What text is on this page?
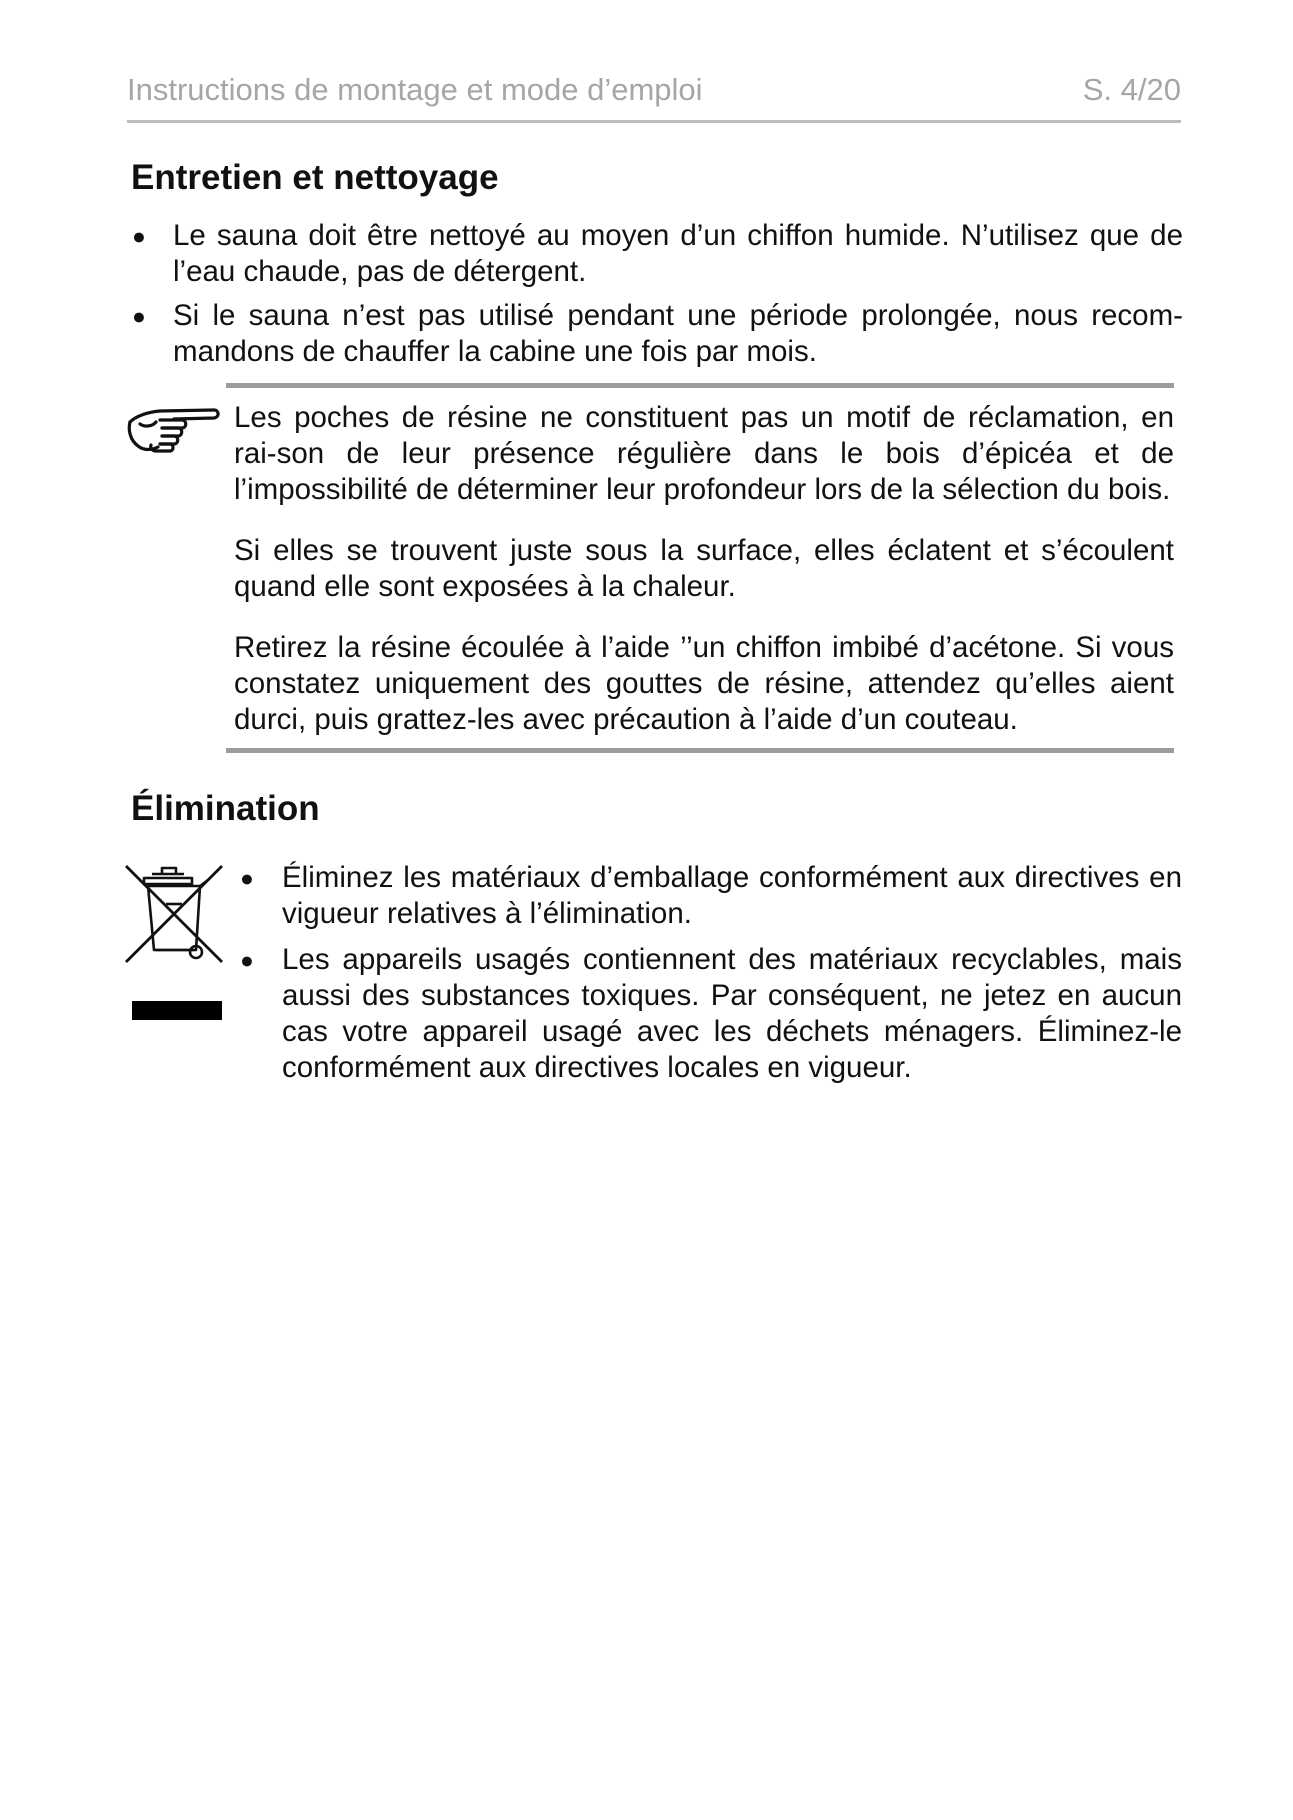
Instructions de montage et mode d’emploi	S. 4/20
Entretien et nettoyage
● Le sauna doit être nettoyé au moyen d’un chiffon humide. N’utilisez que de l’eau chaude, pas de détergent.
● Si le sauna n’est pas utilisé pendant une période prolongée, nous recom-mandons de chauffer la cabine une fois par mois.

Les poches de résine ne constituent pas un motif de réclamation, en rai-son de leur présence régulière dans le bois d’épicéa et de l’impossibilité de déterminer leur profondeur lors de la sélection du bois.

Si elles se trouvent juste sous la surface, elles éclatent et s’écoulent quand elle sont exposées à la chaleur.

Retirez la résine écoulée à l’aide ’’un chiffon imbibé d’acétone. Si vous constatez uniquement des gouttes de résine, attendez qu’elles aient durci, puis grattez-les avec précaution à l’aide d’un couteau.

Élimination
● Éliminez les matériaux d’emballage conformément aux directives en vigueur relatives à l’élimination.
● Les appareils usagés contiennent des matériaux recyclables, mais aussi des substances toxiques. Par conséquent, ne jetez en aucun cas votre appareil usagé avec les déchets ménagers. Éliminez-le conformément aux directives locales en vigueur.
